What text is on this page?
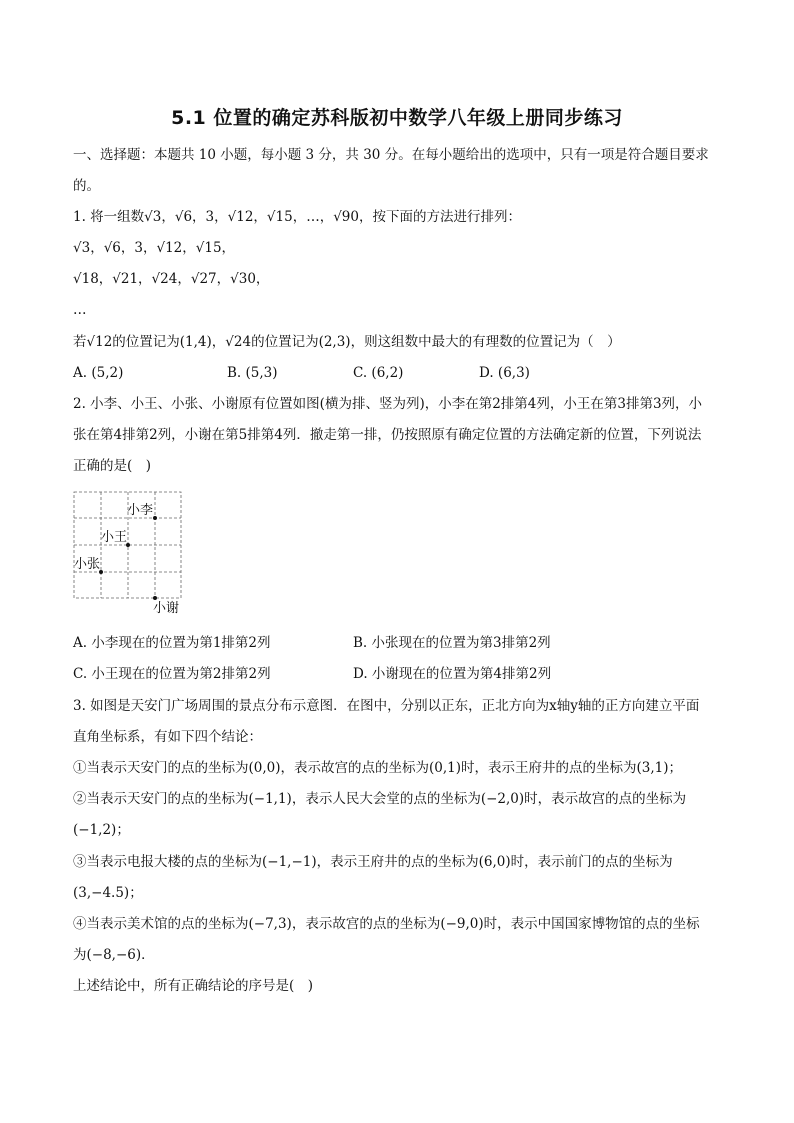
5.1 位置的确定苏科版初中数学八年级上册同步练习
一、选择题：本题共 10 小题，每小题 3 分，共 30 分。在每小题给出的选项中，只有一项是符合题目要求
的。
1. 将一组数√3，√6，3，√12，√15，…，√90，按下面的方法进行排列：
√3，√6，3，√12，√15，
√18，√21，√24，√27，√30，
…
若√12的位置记为(1,4)，√24的位置记为(2,3)，则这组数中最大的有理数的位置记为（　）
A. (5,2)	B. (5,3)	C. (6,2)	D. (6,3)
2. 小李、小王、小张、小谢原有位置如图(横为排、竖为列)，小李在第2排第4列，小王在第3排第3列，小
张在第4排第2列，小谢在第5排第4列．撤走第一排，仍按照原有确定位置的方法确定新的位置，下列说法
正确的是(　)
小李
小王
小张
小谢
A. 小李现在的位置为第1排第2列	B. 小张现在的位置为第3排第2列
C. 小王现在的位置为第2排第2列	D. 小谢现在的位置为第4排第2列
3. 如图是天安门广场周围的景点分布示意图．在图中，分别以正东，正北方向为x轴y轴的正方向建立平面
直角坐标系，有如下四个结论：
①当表示天安门的点的坐标为(0,0)，表示故宫的点的坐标为(0,1)时，表示王府井的点的坐标为(3,1)；
②当表示天安门的点的坐标为(−1,1)，表示人民大会堂的点的坐标为(−2,0)时，表示故宫的点的坐标为
(−1,2)；
③当表示电报大楼的点的坐标为(−1,−1)，表示王府井的点的坐标为(6,0)时，表示前门的点的坐标为
(3,−4.5)；
④当表示美术馆的点的坐标为(−7,3)，表示故宫的点的坐标为(−9,0)时，表示中国国家博物馆的点的坐标
为(−8,−6)．
上述结论中，所有正确结论的序号是(　)
